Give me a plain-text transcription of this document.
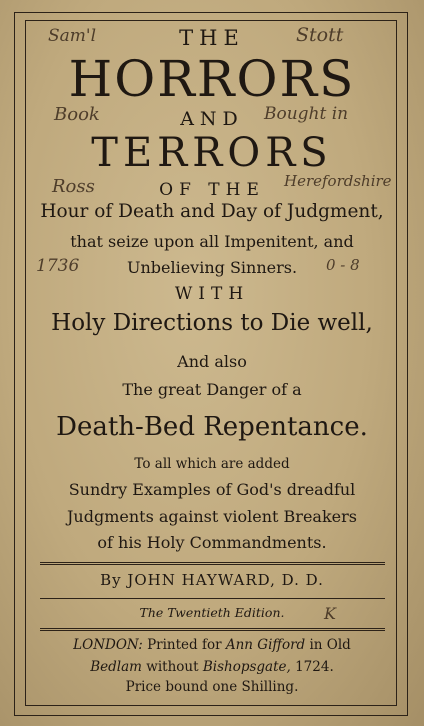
THE
HORRORS
AND
TERRORS
OF THE
Hour of Death and Day of Judgment,
that seize upon all Impenitent, and
Unbelieving Sinners.
WITH
Holy Directions to Die well,
And also
The great Danger of a
Death-Bed Repentance.
To all which are added
Sundry Examples of God's dreadful
Judgments against violent Breakers
of his Holy Commandments.
By JOHN HAYWARD, D. D.
The Twentieth Edition.
LONDON: Printed for Ann Gifford in Old
Bedlam without Bishopsgate, 1724.
Price bound one Shilling.
Sam'l	Stott
Book	Bought in
Ross	Herefordshire
1736	0 - 8
K
